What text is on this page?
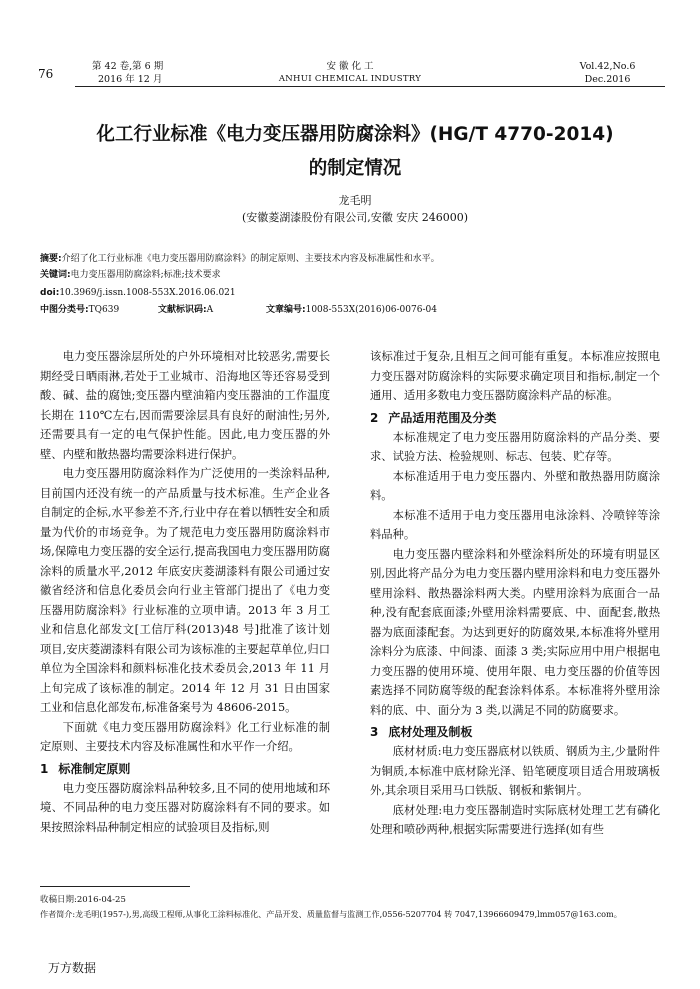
76
第 42 卷,第 6 期
2016 年 12 月
安 徽 化 工
ANHUI CHEMICAL INDUSTRY
Vol.42,No.6
Dec.2016
化工行业标准《电力变压器用防腐涂料》(HG/T 4770-2014)
的制定情况
龙毛明
(安徽菱湖漆股份有限公司,安徽 安庆 246000)
摘要:介绍了化工行业标准《电力变压器用防腐涂料》的制定原则、主要技术内容及标准属性和水平。
关键词:电力变压器用防腐涂料;标准;技术要求
doi:10.3969/j.issn.1008-553X.2016.06.021
中图分类号:TQ639	文献标识码:A	文章编号:1008-553X(2016)06-0076-04

电力变压器涂层所处的户外环境相对比较恶劣,需要长期经受日晒雨淋,若处于工业城市、沿海地区等还容易受到酸、碱、盐的腐蚀;变压器内壁油箱内变压器油的工作温度长期在 110℃左右,因而需要涂层具有良好的耐油性;另外,还需要具有一定的电气保护性能。因此,电力变压器的外壁、内壁和散热器均需要涂料进行保护。

电力变压器用防腐涂料作为广泛使用的一类涂料品种,目前国内还没有统一的产品质量与技术标准。生产企业各自制定的企标,水平参差不齐,行业中存在着以牺牲安全和质量为代价的市场竞争。为了规范电力变压器用防腐涂料市场,保障电力变压器的安全运行,提高我国电力变压器用防腐涂料的质量水平,2012 年底安庆菱湖漆料有限公司通过安徽省经济和信息化委员会向行业主管部门提出了《电力变压器用防腐涂料》行业标准的立项申请。2013 年 3 月工业和信息化部发文[工信厅科(2013)48 号]批准了该计划项目,安庆菱湖漆料有限公司为该标准的主要起草单位,归口单位为全国涂料和颜料标准化技术委员会,2013 年 11 月上旬完成了该标准的制定。2014 年 12 月 31 日由国家工业和信息化部发布,标准备案号为 48606-2015。

下面就《电力变压器用防腐涂料》化工行业标准的制定原则、主要技术内容及标准属性和水平作一介绍。

1 标准制定原则

电力变压器防腐涂料品种较多,且不同的使用地域和环境、不同品种的电力变压器对防腐涂料有不同的要求。如果按照涂料品种制定相应的试验项目及指标,则

该标准过于复杂,且相互之间可能有重复。本标准应按照电力变压器对防腐涂料的实际要求确定项目和指标,制定一个通用、适用多数电力变压器防腐涂料产品的标准。

2 产品适用范围及分类

本标准规定了电力变压器用防腐涂料的产品分类、要求、试验方法、检验规则、标志、包装、贮存等。

本标准适用于电力变压器内、外壁和散热器用防腐涂料。

本标准不适用于电力变压器用电泳涂料、冷喷锌等涂料品种。

电力变压器内壁涂料和外壁涂料所处的环境有明显区别,因此将产品分为电力变压器内壁用涂料和电力变压器外壁用涂料、散热器涂料两大类。内壁用涂料为底面合一品种,没有配套底面漆;外壁用涂料需要底、中、面配套,散热器为底面漆配套。为达到更好的防腐效果,本标准将外壁用涂料分为底漆、中间漆、面漆 3 类;实际应用中用户根据电力变压器的使用环境、使用年限、电力变压器的价值等因素选择不同防腐等级的配套涂料体系。本标准将外壁用涂料的底、中、面分为 3 类,以满足不同的防腐要求。

3 底材处理及制板

底材材质:电力变压器底材以铁质、钢质为主,少量附件为铜质,本标准中底材除光泽、铅笔硬度项目适合用玻璃板外,其余项目采用马口铁版、钢板和紫铜片。

底材处理:电力变压器制造时实际底材处理工艺有磷化处理和喷砂两种,根据实际需要进行选择(如有些

收稿日期:2016-04-25
作者简介:龙毛明(1957-),男,高级工程师,从事化工涂料标准化、产品开发、质量监督与监测工作,0556-5207704 转 7047,13966609479,lmm057@163.com。
万方数据
